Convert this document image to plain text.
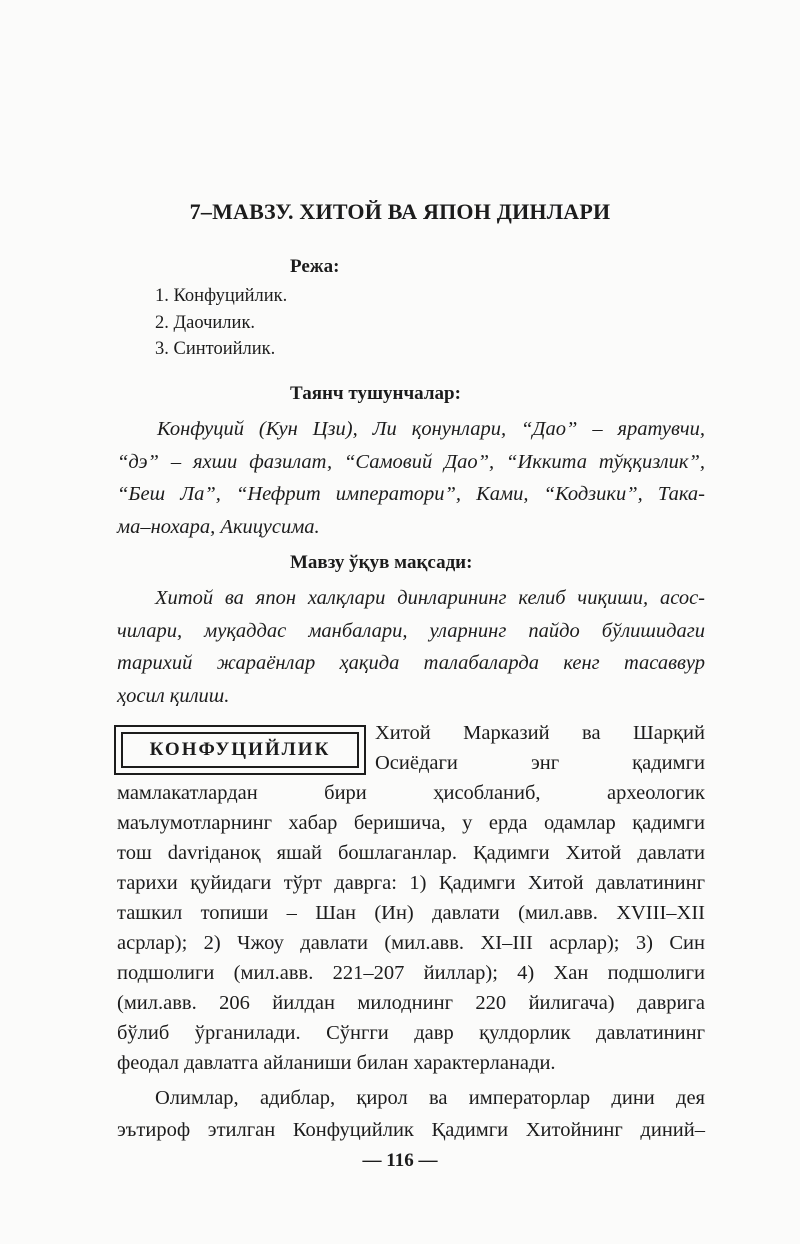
7–МАВЗУ. ХИТОЙ ВА ЯПОН ДИНЛАРИ
Режа:
1. Конфуцийлик.
2. Даочилик.
3. Синтоийлик.
Таянч тушунчалар:
Конфуций (Кун Цзи), Ли қонунлари, “Дао” – яратувчи,
“дэ” – яхши фазилат, “Самовий Дао”, “Иккита тўққизлик”,
“Беш Ла”, “Нефрит императори”, Ками, “Кодзики”, Така-
ма–нохара, Акицусима.
Мавзу ўқув мақсади:
Хитой ва япон халқлари динларининг келиб чиқиши, асос-
чилари, муқаддас манбалари, уларнинг пайдо бўлишидаги
тарихий жараёнлар ҳақида талабаларда кенг тасаввур
ҳосил қилиш.
КОНФУЦИЙЛИК
Хитой Марказий ва Шарқий
Осиёдаги энг қадимги
мамлакатлардан бири ҳисобланиб, археологик
маълумотларнинг хабар беришича, у ерда одамлар қадимги
тош davriданоқ яшай бошлаганлар. Қадимги Хитой давлати
тарихи қуйидаги тўрт даврга: 1) Қадимги Хитой давлатининг
ташкил топиши – Шан (Ин) давлати (мил.авв. XVIII–XII
асрлар); 2) Чжоу давлати (мил.авв. XI–III асрлар); 3) Син
подшолиги (мил.авв. 221–207 йиллар); 4) Хан подшолиги
(мил.авв. 206 йилдан милоднинг 220 йилигача) даврига
бўлиб ўрганилади. Сўнгги давр қулдорлик давлатининг
феодал давлатга айланиши билан характерланади.
Олимлар, адиблар, қирол ва императорлар дини дея
эътироф этилган Конфуцийлик Қадимги Хитойнинг диний–
— 116 —
